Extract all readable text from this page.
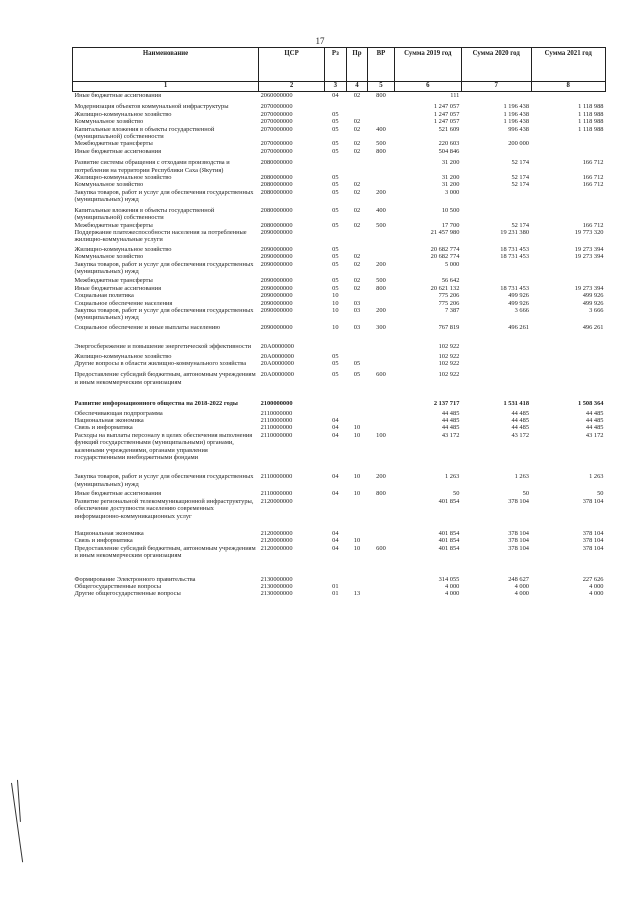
17
Наименование	ЦСР	Рз	Пр	ВР	Сумма 2019 год	Сумма 2020 год	Сумма 2021 год
1	2	3	4	5	6	7	8
Иные бюджетные ассигнования	2060000000	04	02	800	111		
Модернизация объектов коммунальной инфраструктуры	2070000000				1 247 057	1 196 438	1 118 988
Жилищно-коммунальное хозяйство	2070000000	05			1 247 057	1 196 438	1 118 988
Коммунальное хозяйство	2070000000	05	02		1 247 057	1 196 438	1 118 988
Капитальные вложения в объекты государственной (муниципальной) собственности	2070000000	05	02	400	521 609	996 438	1 118 988
Межбюджетные трансферты	2070000000	05	02	500	220 603	200 000	
Иные бюджетные ассигнования	2070000000	05	02	800	504 846		
Развитие системы обращения с отходами производства и потребления на территории Республики Саха (Якутия)	2080000000				31 200	52 174	166 712
Жилищно-коммунальное хозяйство	2080000000	05			31 200	52 174	166 712
Коммунальное хозяйство	2080000000	05	02		31 200	52 174	166 712
Закупка товаров, работ и услуг для обеспечения государственных (муниципальных) нужд	2080000000	05	02	200	3 000		
Капитальные вложения в объекты государственной (муниципальной) собственности	2080000000	05	02	400	10 500		
Межбюджетные трансферты	2080000000	05	02	500	17 700	52 174	166 712
Поддержание платежеспособности населения за потребленные жилищно-коммунальные услуги	2090000000				21 457 980	19 231 380	19 773 320
Жилищно-коммунальное хозяйство	2090000000	05			20 682 774	18 731 453	19 273 394
Коммунальное хозяйство	2090000000	05	02		20 682 774	18 731 453	19 273 394
Закупка товаров, работ и услуг для обеспечения государственных (муниципальных) нужд	2090000000	05	02	200	5 000		
Межбюджетные трансферты	2090000000	05	02	500	56 642		
Иные бюджетные ассигнования	2090000000	05	02	800	20 621 132	18 731 453	19 273 394
Социальная политика	2090000000	10			775 206	499 926	499 926
Социальное обеспечение населения	2090000000	10	03		775 206	499 926	499 926
Закупка товаров, работ и услуг для обеспечения государственных (муниципальных) нужд	2090000000	10	03	200	7 387	3 666	3 666
Социальное обеспечение и иные выплаты населению	2090000000	10	03	300	767 819	496 261	496 261
Энергосбережение и повышение энергетической эффективности	20А0000000				102 922		
Жилищно-коммунальное хозяйство	20А0000000	05			102 922		
Другие вопросы в области жилищно-коммунального хозяйства	20А0000000	05	05		102 922		
Предоставление субсидий бюджетным, автономным учреждениям и иным некоммерческим организациям	20А0000000	05	05	600	102 922		
Развитие информационного общества на 2018-2022 годы	2100000000				2 137 717	1 531 418	1 508 364
Обеспечивающая подпрограмма	2110000000				44 485	44 485	44 485
Национальная экономика	2110000000	04			44 485	44 485	44 485
Связь и информатика	2110000000	04	10		44 485	44 485	44 485
Расходы на выплаты персоналу в целях обеспечения выполнения функций государственными (муниципальными) органами, казенными учреждениями, органами управления государственными внебюджетными фондами	2110000000	04	10	100	43 172	43 172	43 172
Закупка товаров, работ и услуг для обеспечения государственных (муниципальных) нужд	2110000000	04	10	200	1 263	1 263	1 263
Иные бюджетные ассигнования	2110000000	04	10	800	50	50	50
Развитие региональной телекоммуникационной инфраструктуры, обеспечение доступности населению современных информационно-коммуникационных услуг	2120000000				401 854	378 104	378 104
Национальная экономика	2120000000	04			401 854	378 104	378 104
Связь и информатика	2120000000	04	10		401 854	378 104	378 104
Предоставление субсидий бюджетным, автономным учреждениям и иным некоммерческим организациям	2120000000	04	10	600	401 854	378 104	378 104
Формирование Электронного правительства	2130000000				314 055	248 627	227 626
Общегосударственные вопросы	2130000000	01			4 000	4 000	4 000
Другие общегосударственные вопросы	2130000000	01	13		4 000	4 000	4 000
